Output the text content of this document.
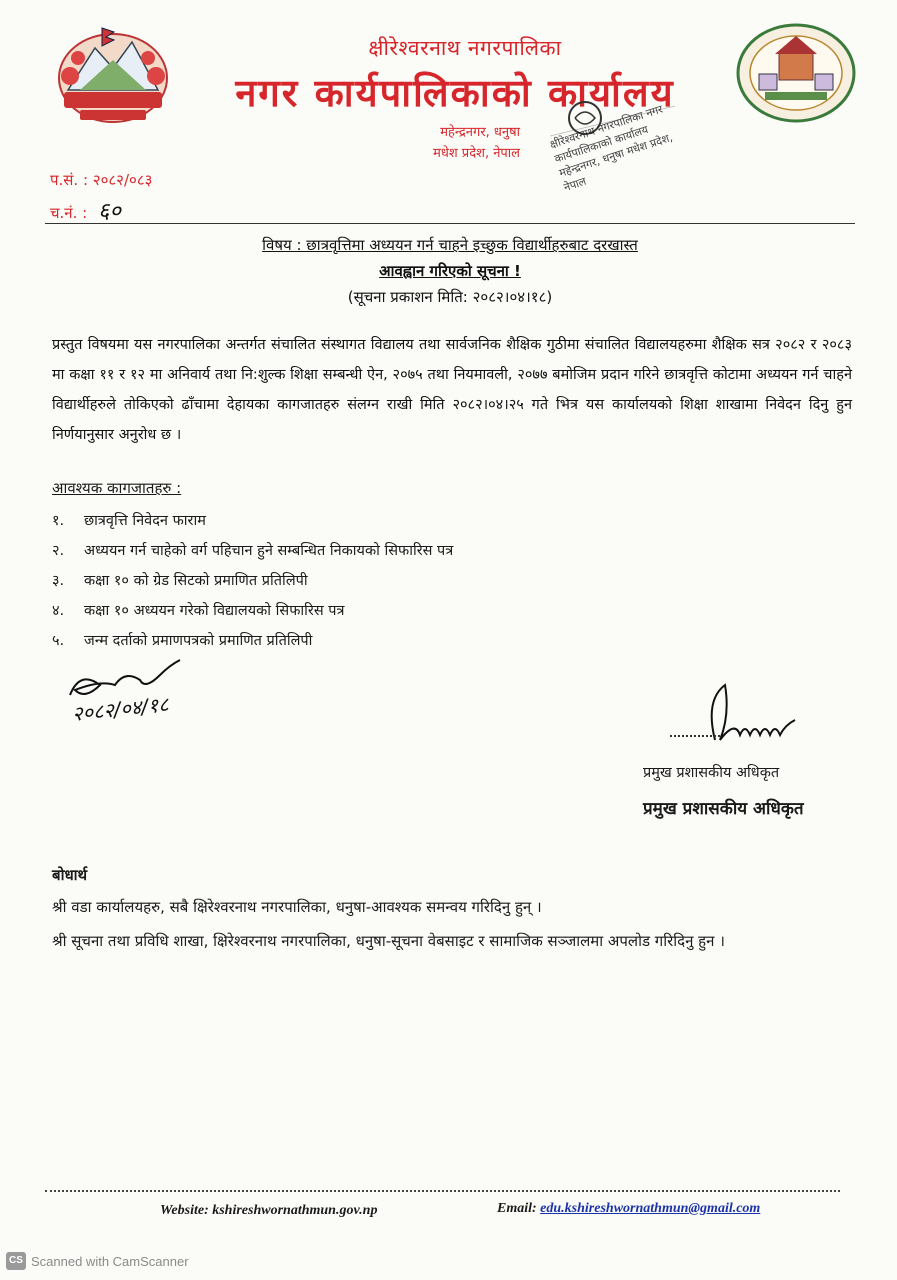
क्षीरेश्वरनाथ नगरपालिका
नगर कार्यपालिकाको कार्यालय
महेन्द्रनगर, धनुषा
मधेश प्रदेश, नेपाल
क्षीरेश्वरनाथ नगरपालिका नगर कार्यपालिकाको कार्यालय महेन्द्रनगर, धनुषा मधेश प्रदेश, नेपाल
प.सं. : २०८२/०८३
च.नं. : ६०
विषय : छात्रवृत्तिमा अध्ययन गर्न चाहने इच्छुक विद्यार्थीहरुबाट दरखास्त
आवह्वान गरिएको सूचना !
(सूचना प्रकाशन मिति: २०८२।०४।१८)
प्रस्तुत विषयमा यस नगरपालिका अन्तर्गत संचालित संस्थागत विद्यालय तथा सार्वजनिक शैक्षिक गुठीमा संचालित विद्यालयहरुमा शैक्षिक सत्र २०८२ र २०८३ मा कक्षा ११ र १२ मा अनिवार्य तथा नि:शुल्क शिक्षा सम्बन्धी ऐन, २०७५ तथा नियमावली, २०७७ बमोजिम प्रदान गरिने छात्रवृत्ति कोटामा अध्ययन गर्न चाहने विद्यार्थीहरुले तोकिएको ढाँचामा देहायका कागजातहरु संलग्न राखी मिति २०८२।०४।२५ गते भित्र यस कार्यालयको शिक्षा शाखामा निवेदन दिनु हुन निर्णयानुसार अनुरोध छ ।
आवश्यक कागजातहरु :
१. छात्रवृत्ति निवेदन फाराम
२. अध्ययन गर्न चाहेको वर्ग पहिचान हुने सम्बन्धित निकायको सिफारिस पत्र
३. कक्षा १० को ग्रेड सिटको प्रमाणित प्रतिलिपी
४. कक्षा १० अध्ययन गरेको विद्यालयको सिफारिस पत्र
५. जन्म दर्ताको प्रमाणपत्रको प्रमाणित प्रतिलिपी
२०८२/०४/१८
प्रमुख प्रशासकीय अधिकृत
प्रमुख प्रशासकीय अधिकृत
बोधार्थ
श्री वडा कार्यालयहरु, सबै क्षिरेश्वरनाथ नगरपालिका, धनुषा-आवश्यक समन्वय गरिदिनु हुन् ।
श्री सूचना तथा प्रविधि शाखा, क्षिरेश्वरनाथ नगरपालिका, धनुषा-सूचना वेबसाइट र सामाजिक सञ्जालमा अपलोड गरिदिनु हुन ।
Website: kshireshwornathmun.gov.np	Email: edu.kshireshwornathmun@gmail.com
CS Scanned with CamScanner
